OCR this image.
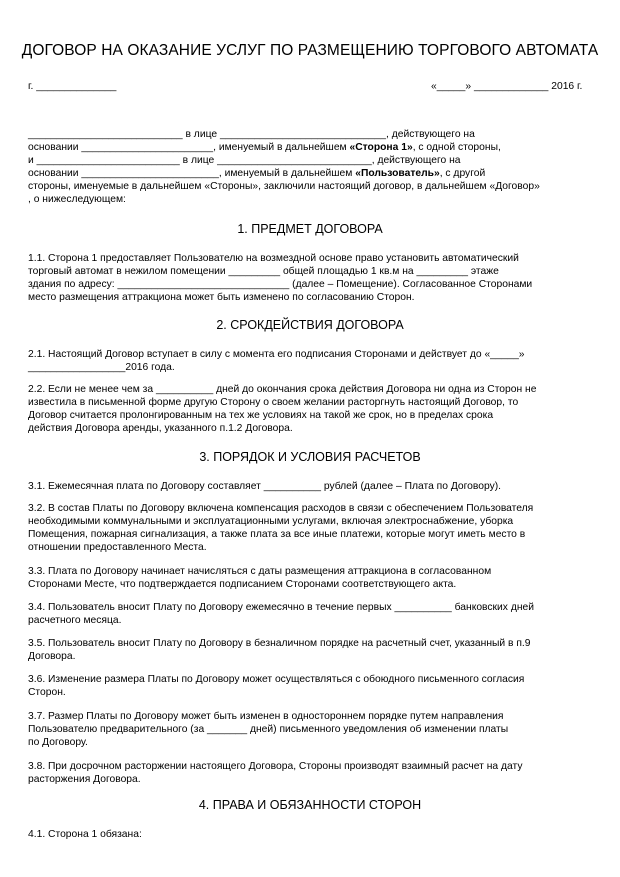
ДОГОВОР НА ОКАЗАНИЕ УСЛУГ ПО РАЗМЕЩЕНИЮ ТОРГОВОГО АВТОМАТА
г. ______________	«_____» _____________ 2016 г.
___________________________ в лице _____________________________, действующего на
основании _______________________, именуемый в дальнейшем «Сторона 1», с одной стороны,
и _________________________ в лице ___________________________, действующего на
основании ________________________, именуемый в дальнейшем «Пользователь», с другой
стороны, именуемые в дальнейшем «Стороны», заключили настоящий договор, в дальнейшем «Договор»
, о нижеследующем:
1. ПРЕДМЕТ ДОГОВОРА
1.1. Сторона 1 предоставляет Пользователю на возмездной основе право установить автоматический
торговый автомат в нежилом помещении _________ общей площадью 1 кв.м на _________ этаже
здания по адресу: ______________________________ (далее – Помещение). Согласованное Сторонами
место размещения аттракциона может быть изменено по согласованию Сторон.
2. СРОКДЕЙСТВИЯ ДОГОВОРА
2.1. Настоящий Договор вступает в силу с момента его подписания Сторонами и действует до «_____»
_________________2016 года.
2.2. Если не менее чем за __________ дней до окончания срока действия Договора ни одна из Сторон не
известила в письменной форме другую Сторону о своем желании расторгнуть настоящий Договор, то
Договор считается пролонгированным на тех же условиях на такой же срок, но в пределах срока
действия Договора аренды, указанного п.1.2 Договора.
3. ПОРЯДОК И УСЛОВИЯ РАСЧЕТОВ
3.1. Ежемесячная плата по Договору составляет __________ рублей (далее – Плата по Договору).
3.2. В состав Платы по Договору включена компенсация расходов в связи с обеспечением Пользователя
необходимыми коммунальными и эксплуатационными услугами, включая электроснабжение, уборка
Помещения, пожарная сигнализация, а также плата за все иные платежи, которые могут иметь место в
отношении предоставленного Места.
3.3. Плата по Договору начинает начисляться с даты размещения аттракциона в согласованном
Сторонами Месте, что подтверждается подписанием Сторонами соответствующего акта.
3.4. Пользователь вносит Плату по Договору ежемесячно в течение первых __________ банковских дней
расчетного месяца.
3.5. Пользователь вносит Плату по Договору в безналичном порядке на расчетный счет, указанный в п.9
Договора.
3.6. Изменение размера Платы по Договору может осуществляться с обоюдного письменного согласия
Сторон.
3.7. Размер Платы по Договору может быть изменен в одностороннем порядке путем направления
Пользователю предварительного (за _______ дней) письменного уведомления об изменении платы
по Договору.
3.8. При досрочном расторжении настоящего Договора, Стороны производят взаимный расчет на дату
расторжения Договора.
4. ПРАВА И ОБЯЗАННОСТИ СТОРОН
4.1. Сторона 1 обязана:
